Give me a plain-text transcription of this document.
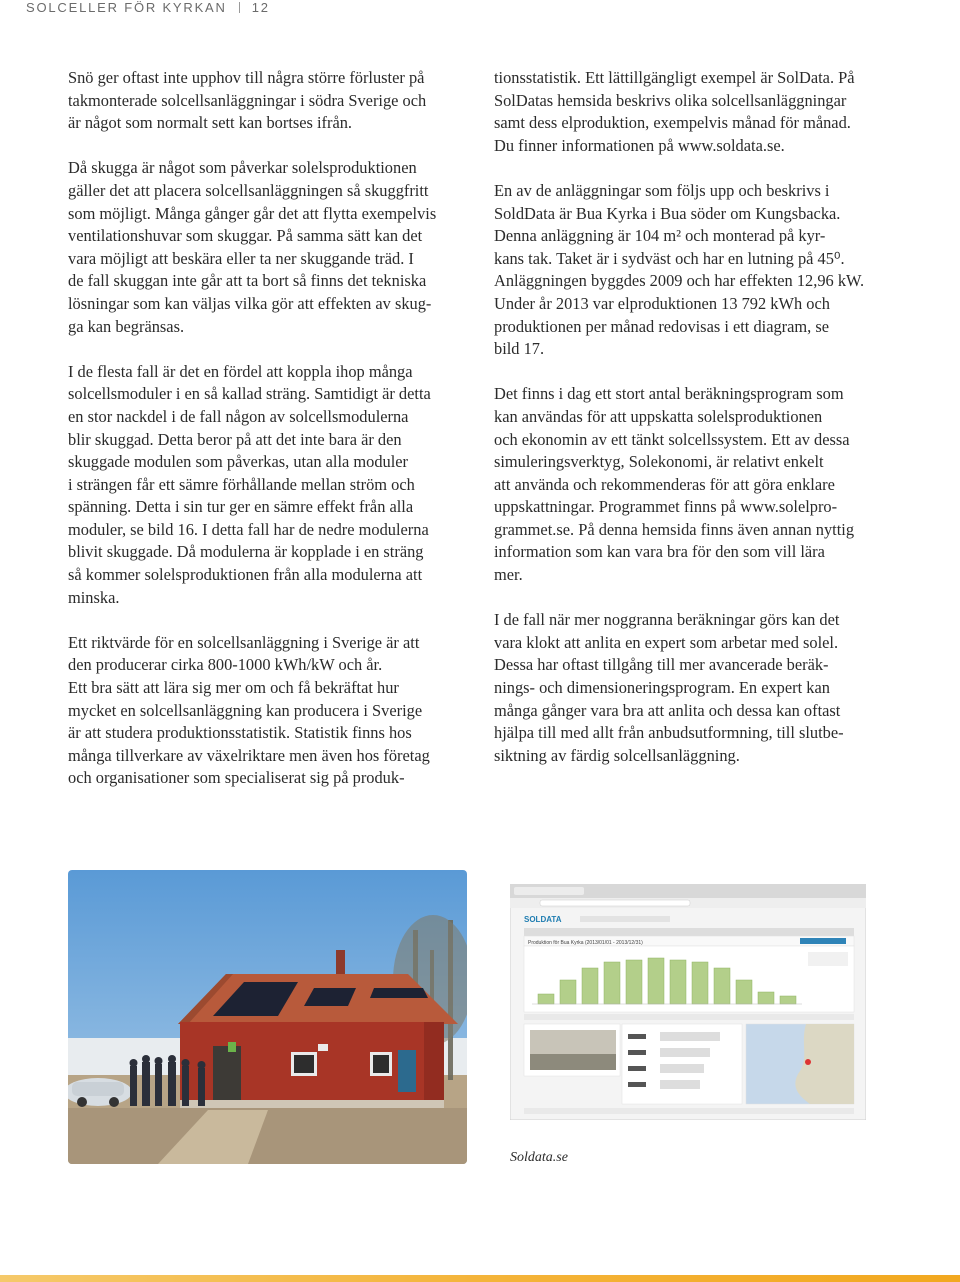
SOLCELLER FÖR KYRKAN 12

Snö ger oftast inte upphov till några större förluster på
takmonterade solcellsanläggningar i södra Sverige och
är något som normalt sett kan bortses ifrån.

Då skugga är något som påverkar solelsproduktionen
gäller det att placera solcellsanläggningen så skuggfritt
som möjligt. Många gånger går det att flytta exempelvis
ventilationshuvar som skuggar. På samma sätt kan det
vara möjligt att beskära eller ta ner skuggande träd. I
de fall skuggan inte går att ta bort så finns det tekniska
lösningar som kan väljas vilka gör att effekten av skug-
ga kan begränsas.

I de flesta fall är det en fördel att koppla ihop många
solcellsmoduler i en så kallad sträng. Samtidigt är detta
en stor nackdel i de fall någon av solcellsmodulerna
blir skuggad. Detta beror på att det inte bara är den
skuggade modulen som påverkas, utan alla moduler
i strängen får ett sämre förhållande mellan ström och
spänning. Detta i sin tur ger en sämre effekt från alla
moduler, se bild 16. I detta fall har de nedre modulerna
blivit skuggade. Då modulerna är kopplade i en sträng
så kommer solelsproduktionen från alla modulerna att
minska.

Ett riktvärde för en solcellsanläggning i Sverige är att
den producerar cirka 800-1000 kWh/kW och år.
Ett bra sätt att lära sig mer om och få bekräftat hur
mycket en solcellsanläggning kan producera i Sverige
är att studera produktionsstatistik. Statistik finns hos
många tillverkare av växelriktare men även hos företag
och organisationer som specialiserat sig på produk-

tionsstatistik. Ett lättillgängligt exempel är SolData. På
SolDatas hemsida beskrivs olika solcellsanläggningar
samt dess elproduktion, exempelvis månad för månad.
Du finner informationen på www.soldata.se.

En av de anläggningar som följs upp och beskrivs i
SoldData är Bua Kyrka i Bua söder om Kungsbacka.
Denna anläggning är 104 m² och monterad på kyr-
kans tak. Taket är i sydväst och har en lutning på 45⁰.
Anläggningen byggdes 2009 och har effekten 12,96 kW.
Under år 2013 var elproduktionen 13 792 kWh och
produktionen per månad redovisas i ett diagram, se
bild 17.

Det finns i dag ett stort antal beräkningsprogram som
kan användas för att uppskatta solelsproduktionen
och ekonomin av ett tänkt solcellssystem. Ett av dessa
simuleringsverktyg, Solekonomi, är relativt enkelt
att använda och rekommenderas för att göra enklare
uppskattningar. Programmet finns på www.solelpro-
grammet.se. På denna hemsida finns även annan nyttig
information som kan vara bra för den som vill lära
mer.

I de fall när mer noggranna beräkningar görs kan det
vara klokt att anlita en expert som arbetar med solel.
Dessa har oftast tillgång till mer avancerade beräk-
nings- och dimensioneringsprogram. En expert kan
många gånger vara bra att anlita och dessa kan oftast
hjälpa till med allt från anbudsutformning, till slutbe-
siktning av färdig solcellsanläggning.

SOLDATA
Produktion för Bua Kyrka (2013/01/01 - 2013/12/31)
Soldata.se
